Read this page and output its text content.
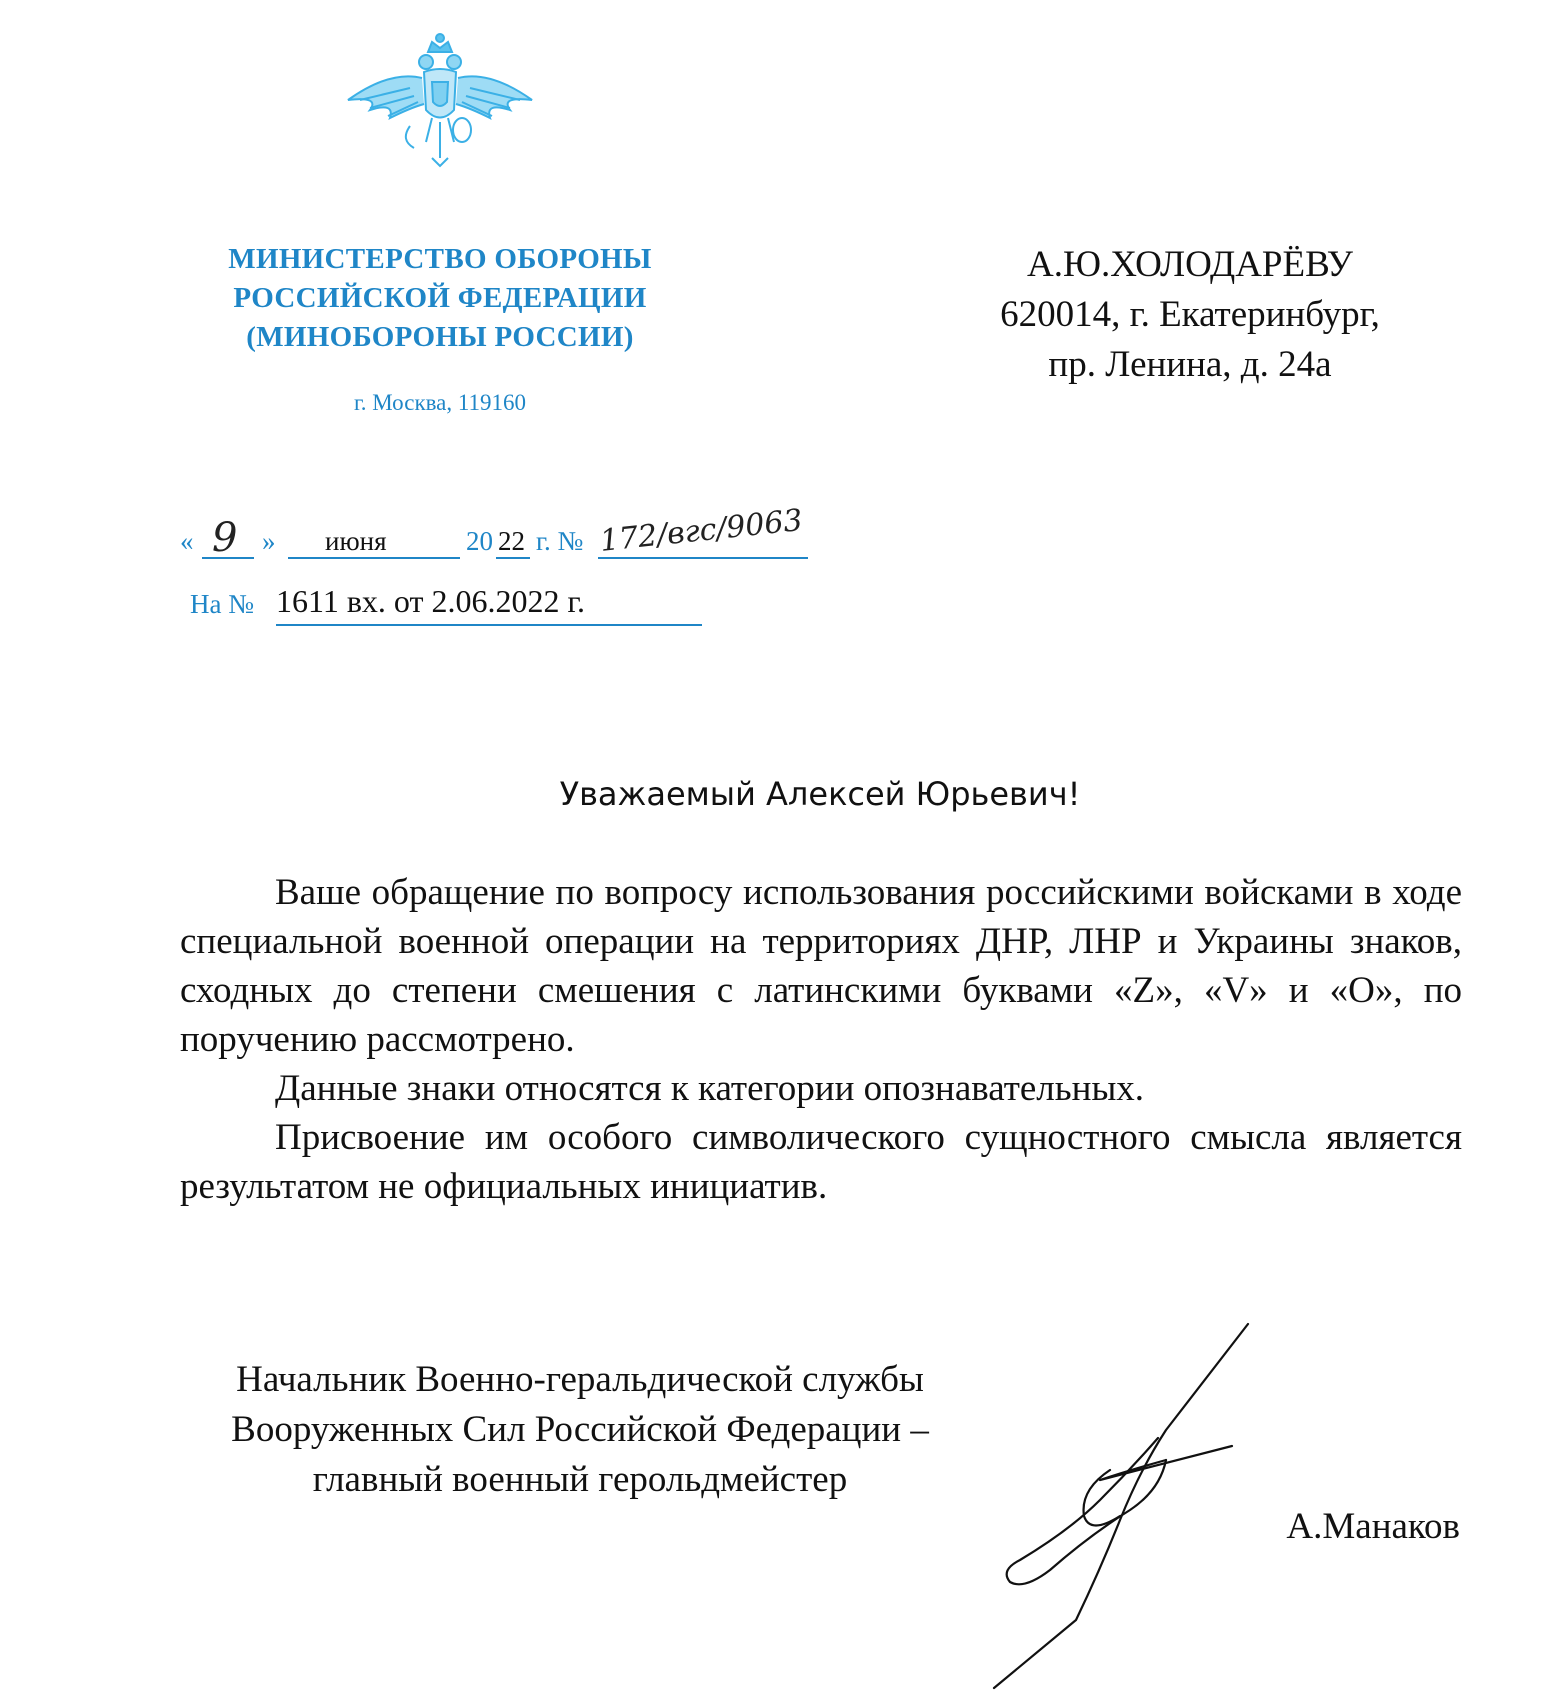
МИНИСТЕРСТВО ОБОРОНЫ
РОССИЙСКОЙ ФЕДЕРАЦИИ
(МИНОБОРОНЫ РОССИИ)
г. Москва, 119160
А.Ю.ХОЛОДАРЁВУ
620014, г. Екатеринбург,
пр. Ленина, д. 24а
« 9 » июня	20 22 г. № 172/вгс/9063
На № 1611 вх. от 2.06.2022 г.
Уважаемый Алексей Юрьевич!

Ваше обращение по вопросу использования российскими войсками в ходе специальной военной операции на территориях ДНР, ЛНР и Украины знаков, сходных до степени смешения с латинскими буквами «Z», «V» и «О», по поручению рассмотрено.

Данные знаки относятся к категории опознавательных.

Присвоение им особого символического сущностного смысла является результатом не официальных инициатив.

Начальник Военно-геральдической службы
Вооруженных Сил Российской Федерации –
главный военный герольдмейстер
А.Манаков
